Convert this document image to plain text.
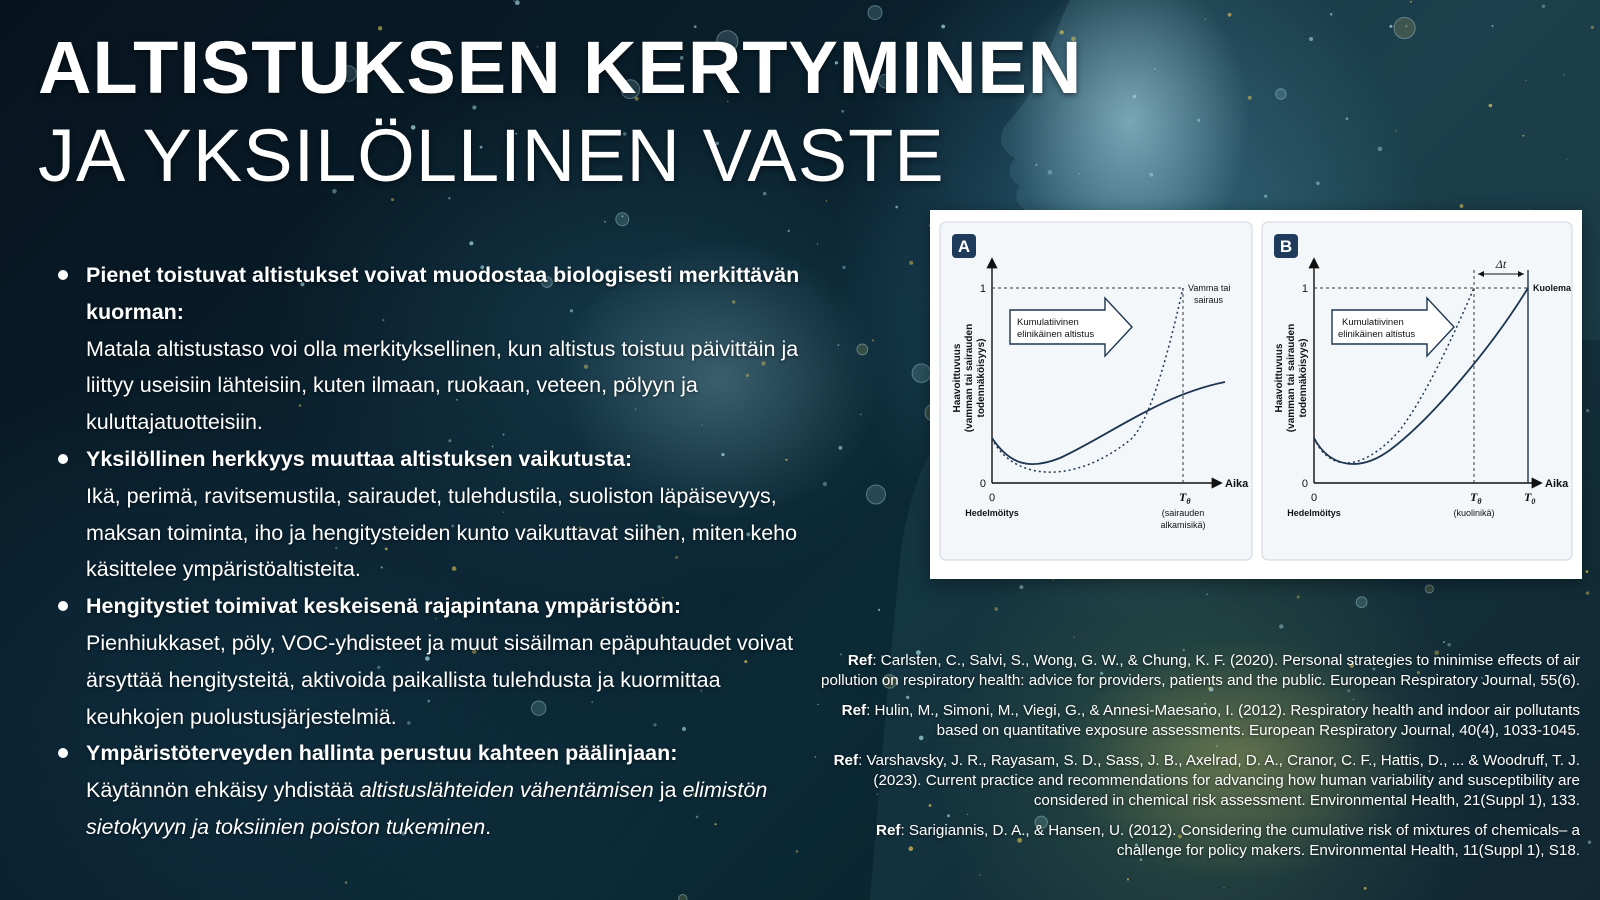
ALTISTUKSEN KERTYMINEN
JA YKSILÖLLINEN VASTE
Pienet toistuvat altistukset voivat muodostaa biologisesti merkittävän kuorman:
Matala altistustaso voi olla merkityksellinen, kun altistus toistuu päivittäin ja liittyy useisiin lähteisiin, kuten ilmaan, ruokaan, veteen, pölyyn ja kuluttajatuotteisiin.
Yksilöllinen herkkyys muuttaa altistuksen vaikutusta:
Ikä, perimä, ravitsemustila, sairaudet, tulehdustila, suoliston läpäisevyys, maksan toiminta, iho ja hengitysteiden kunto vaikuttavat siihen, miten keho käsittelee ympäristöaltisteita.
Hengitystiet toimivat keskeisenä rajapintana ympäristöön:
Pienhiukkaset, pöly, VOC-yhdisteet ja muut sisäilman epäpuhtaudet voivat ärsyttää hengitysteitä, aktivoida paikallista tulehdusta ja kuormittaa keuhkojen puolustusjärjestelmiä.
Ympäristöterveyden hallinta perustuu kahteen päälinjaan:
Käytännön ehkäisy yhdistää altistuslähteiden vähentämisen ja elimistön sietokyvyn ja toksiinien poiston tukeminen.
A
1
0
0
Aika
Hedelmöitys
Haavoittuvuus (vamman tai sairauden todennäköisyys)
Kumulatiivinen
elinikäinen altistus
Vamma tai
sairaus
$T_\theta$
(sairauden
alkamisikä)
B
Δt
1
0
0
Aika
Hedelmöitys
Haavoittuvuus (vamman tai sairauden todennäköisyys)
Kumulatiivinen
elinikäinen altistus
Kuolema
$T_\theta$
(kuolinikä)
$T_0$

Ref: Carlsten, C., Salvi, S., Wong, G. W., & Chung, K. F. (2020). Personal strategies to minimise effects of air pollution on respiratory health: advice for providers, patients and the public. European Respiratory Journal, 55(6).

Ref: Hulin, M., Simoni, M., Viegi, G., & Annesi-Maesano, I. (2012). Respiratory health and indoor air pollutants based on quantitative exposure assessments. European Respiratory Journal, 40(4), 1033-1045.

Ref: Varshavsky, J. R., Rayasam, S. D., Sass, J. B., Axelrad, D. A., Cranor, C. F., Hattis, D., ... & Woodruff, T. J. (2023). Current practice and recommendations for advancing how human variability and susceptibility are considered in chemical risk assessment. Environmental Health, 21(Suppl 1), 133.

Ref: Sarigiannis, D. A., & Hansen, U. (2012). Considering the cumulative risk of mixtures of chemicals– a challenge for policy makers. Environmental Health, 11(Suppl 1), S18.
